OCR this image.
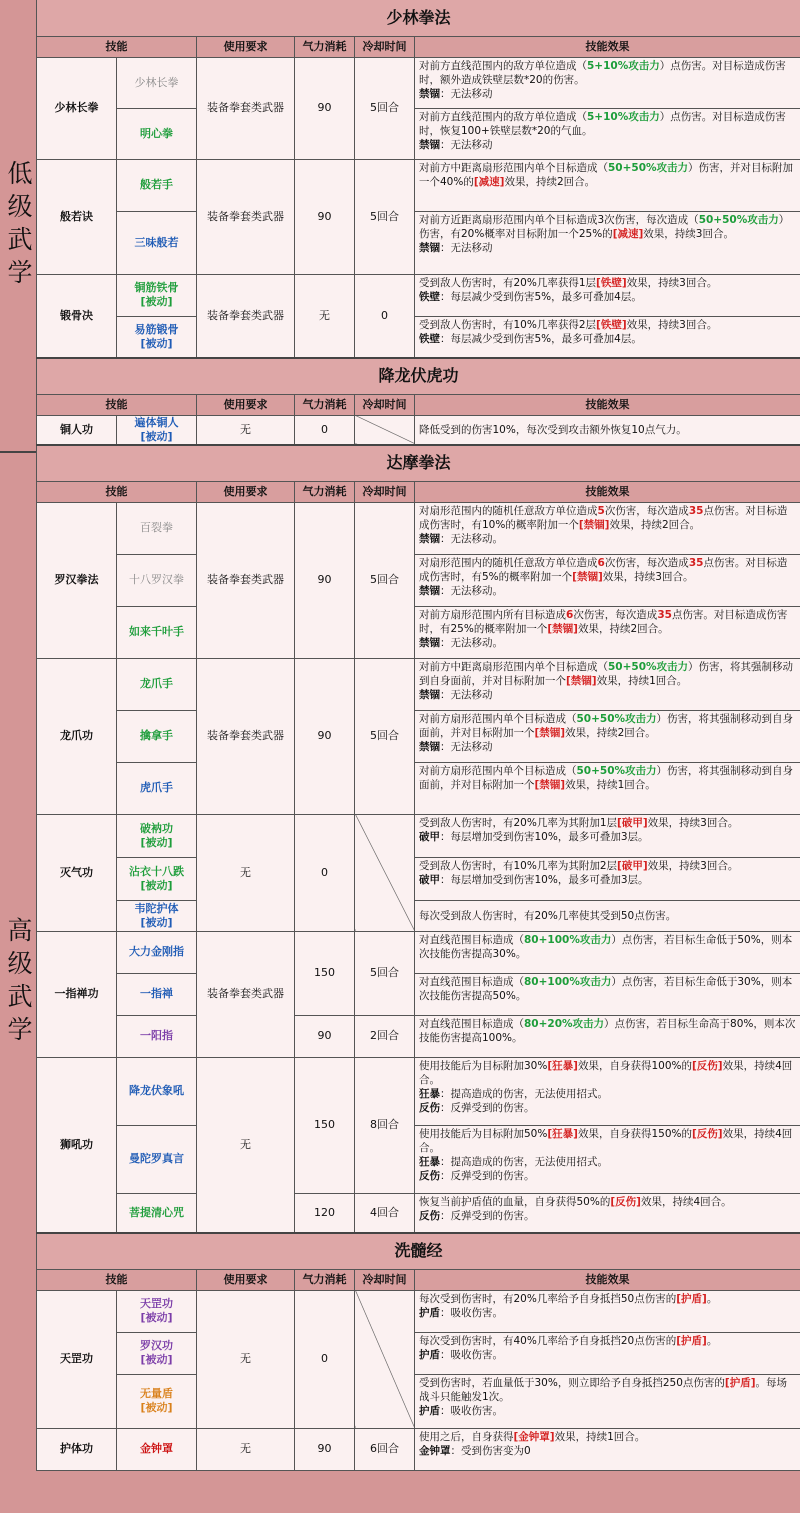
低级武学
高级武学
少林拳法					
技能		使用要求	气力消耗	冷却时间	技能效果
少林长拳	少林长拳	装备拳套类武器	90	5回合	对前方直线范围内的敌方单位造成（5+10%攻击力）点伤害。对目标造成伤害时，额外造成铁壁层数*20的伤害。
禁锢：无法移动
	明心拳				对前方直线范围内的敌方单位造成（5+10%攻击力）点伤害。对目标造成伤害时，恢复100+铁壁层数*20的气血。
禁锢：无法移动
般若诀	般若手	装备拳套类武器	90	5回合	对前方中距离扇形范围内单个目标造成（50+50%攻击力）伤害，并对目标附加一个40%的[减速]效果，持续2回合。
	三味般若				对前方近距离扇形范围内单个目标造成3次伤害，每次造成（50+50%攻击力）伤害，有20%概率对目标附加一个25%的[减速]效果，持续3回合。
禁锢：无法移动
锻骨决	铜筋铁骨
[被动]	装备拳套类武器	无	0	受到敌人伤害时，有20%几率获得1层[铁壁]效果，持续3回合。
铁壁：每层减少受到伤害5%，最多可叠加4层。
	易筋锻骨
[被动]				受到敌人伤害时，有10%几率获得2层[铁壁]效果，持续3回合。
铁壁：每层减少受到伤害5%，最多可叠加4层。
降龙伏虎功					
技能		使用要求	气力消耗	冷却时间	技能效果
铜人功	遍体铜人
[被动]	无	0		降低受到的伤害10%，每次受到攻击额外恢复10点气力。
达摩拳法					
技能		使用要求	气力消耗	冷却时间	技能效果
罗汉拳法	百裂拳	装备拳套类武器	90	5回合	对扇形范围内的随机任意敌方单位造成5次伤害，每次造成35点伤害。对目标造成伤害时，有10%的概率附加一个[禁锢]效果，持续2回合。
禁锢：无法移动。
	十八罗汉拳				对扇形范围内的随机任意敌方单位造成6次伤害，每次造成35点伤害。对目标造成伤害时，有5%的概率附加一个[禁锢]效果，持续3回合。
禁锢：无法移动。
	如来千叶手				对前方扇形范围内所有目标造成6次伤害，每次造成35点伤害。对目标造成伤害时，有25%的概率附加一个[禁锢]效果，持续2回合。
禁锢：无法移动。
龙爪功	龙爪手	装备拳套类武器	90	5回合	对前方中距离扇形范围内单个目标造成（50+50%攻击力）伤害，将其强制移动到自身面前，并对目标附加一个[禁锢]效果，持续1回合。
禁锢：无法移动
	擒拿手				对前方扇形范围内单个目标造成（50+50%攻击力）伤害，将其强制移动到自身面前，并对目标附加一个[禁锢]效果，持续2回合。
禁锢：无法移动
	虎爪手				对前方扇形范围内单个目标造成（50+50%攻击力）伤害，将其强制移动到自身面前，并对目标附加一个[禁锢]效果，持续1回合。
灭气功	破衲功
[被动]	无	0		受到敌人伤害时，有20%几率为其附加1层[破甲]效果，持续3回合。
破甲：每层增加受到伤害10%，最多可叠加3层。
	沾衣十八跌
[被动]				受到敌人伤害时，有10%几率为其附加2层[破甲]效果，持续3回合。
破甲：每层增加受到伤害10%，最多可叠加3层。
	韦陀护体
[被动]				每次受到敌人伤害时，有20%几率使其受到50点伤害。
一指禅功	大力金刚指	装备拳套类武器	150	5回合	对直线范围目标造成（80+100%攻击力）点伤害，若目标生命低于50%，则本次技能伤害提高30%。
	一指禅				对直线范围目标造成（80+100%攻击力）点伤害，若目标生命低于30%，则本次技能伤害提高50%。
	一阳指		90	2回合	对直线范围目标造成（80+20%攻击力）点伤害，若目标生命高于80%，则本次技能伤害提高100%。
狮吼功	降龙伏象吼	无	150	8回合	使用技能后为目标附加30%[狂暴]效果，自身获得100%的[反伤]效果，持续4回合。
狂暴：提高造成的伤害，无法使用招式。
反伤：反弹受到的伤害。
	曼陀罗真言				使用技能后为目标附加50%[狂暴]效果，自身获得150%的[反伤]效果，持续4回合。
狂暴：提高造成的伤害，无法使用招式。
反伤：反弹受到的伤害。
	菩提清心咒		120	4回合	恢复当前护盾值的血量，自身获得50%的[反伤]效果，持续4回合。
反伤：反弹受到的伤害。
洗髓经					
技能		使用要求	气力消耗	冷却时间	技能效果
天罡功	天罡功
[被动]	无	0		每次受到伤害时，有20%几率给予自身抵挡50点伤害的[护盾]。
护盾：吸收伤害。
	罗汉功
[被动]				每次受到伤害时，有40%几率给予自身抵挡20点伤害的[护盾]。
护盾：吸收伤害。
	无量盾
[被动]				受到伤害时，若血量低于30%，则立即给予自身抵挡250点伤害的[护盾]。每场战斗只能触发1次。
护盾：吸收伤害。
护体功	金钟罩	无	90	6回合	使用之后，自身获得[金钟罩]效果，持续1回合。
金钟罩：受到伤害变为0
